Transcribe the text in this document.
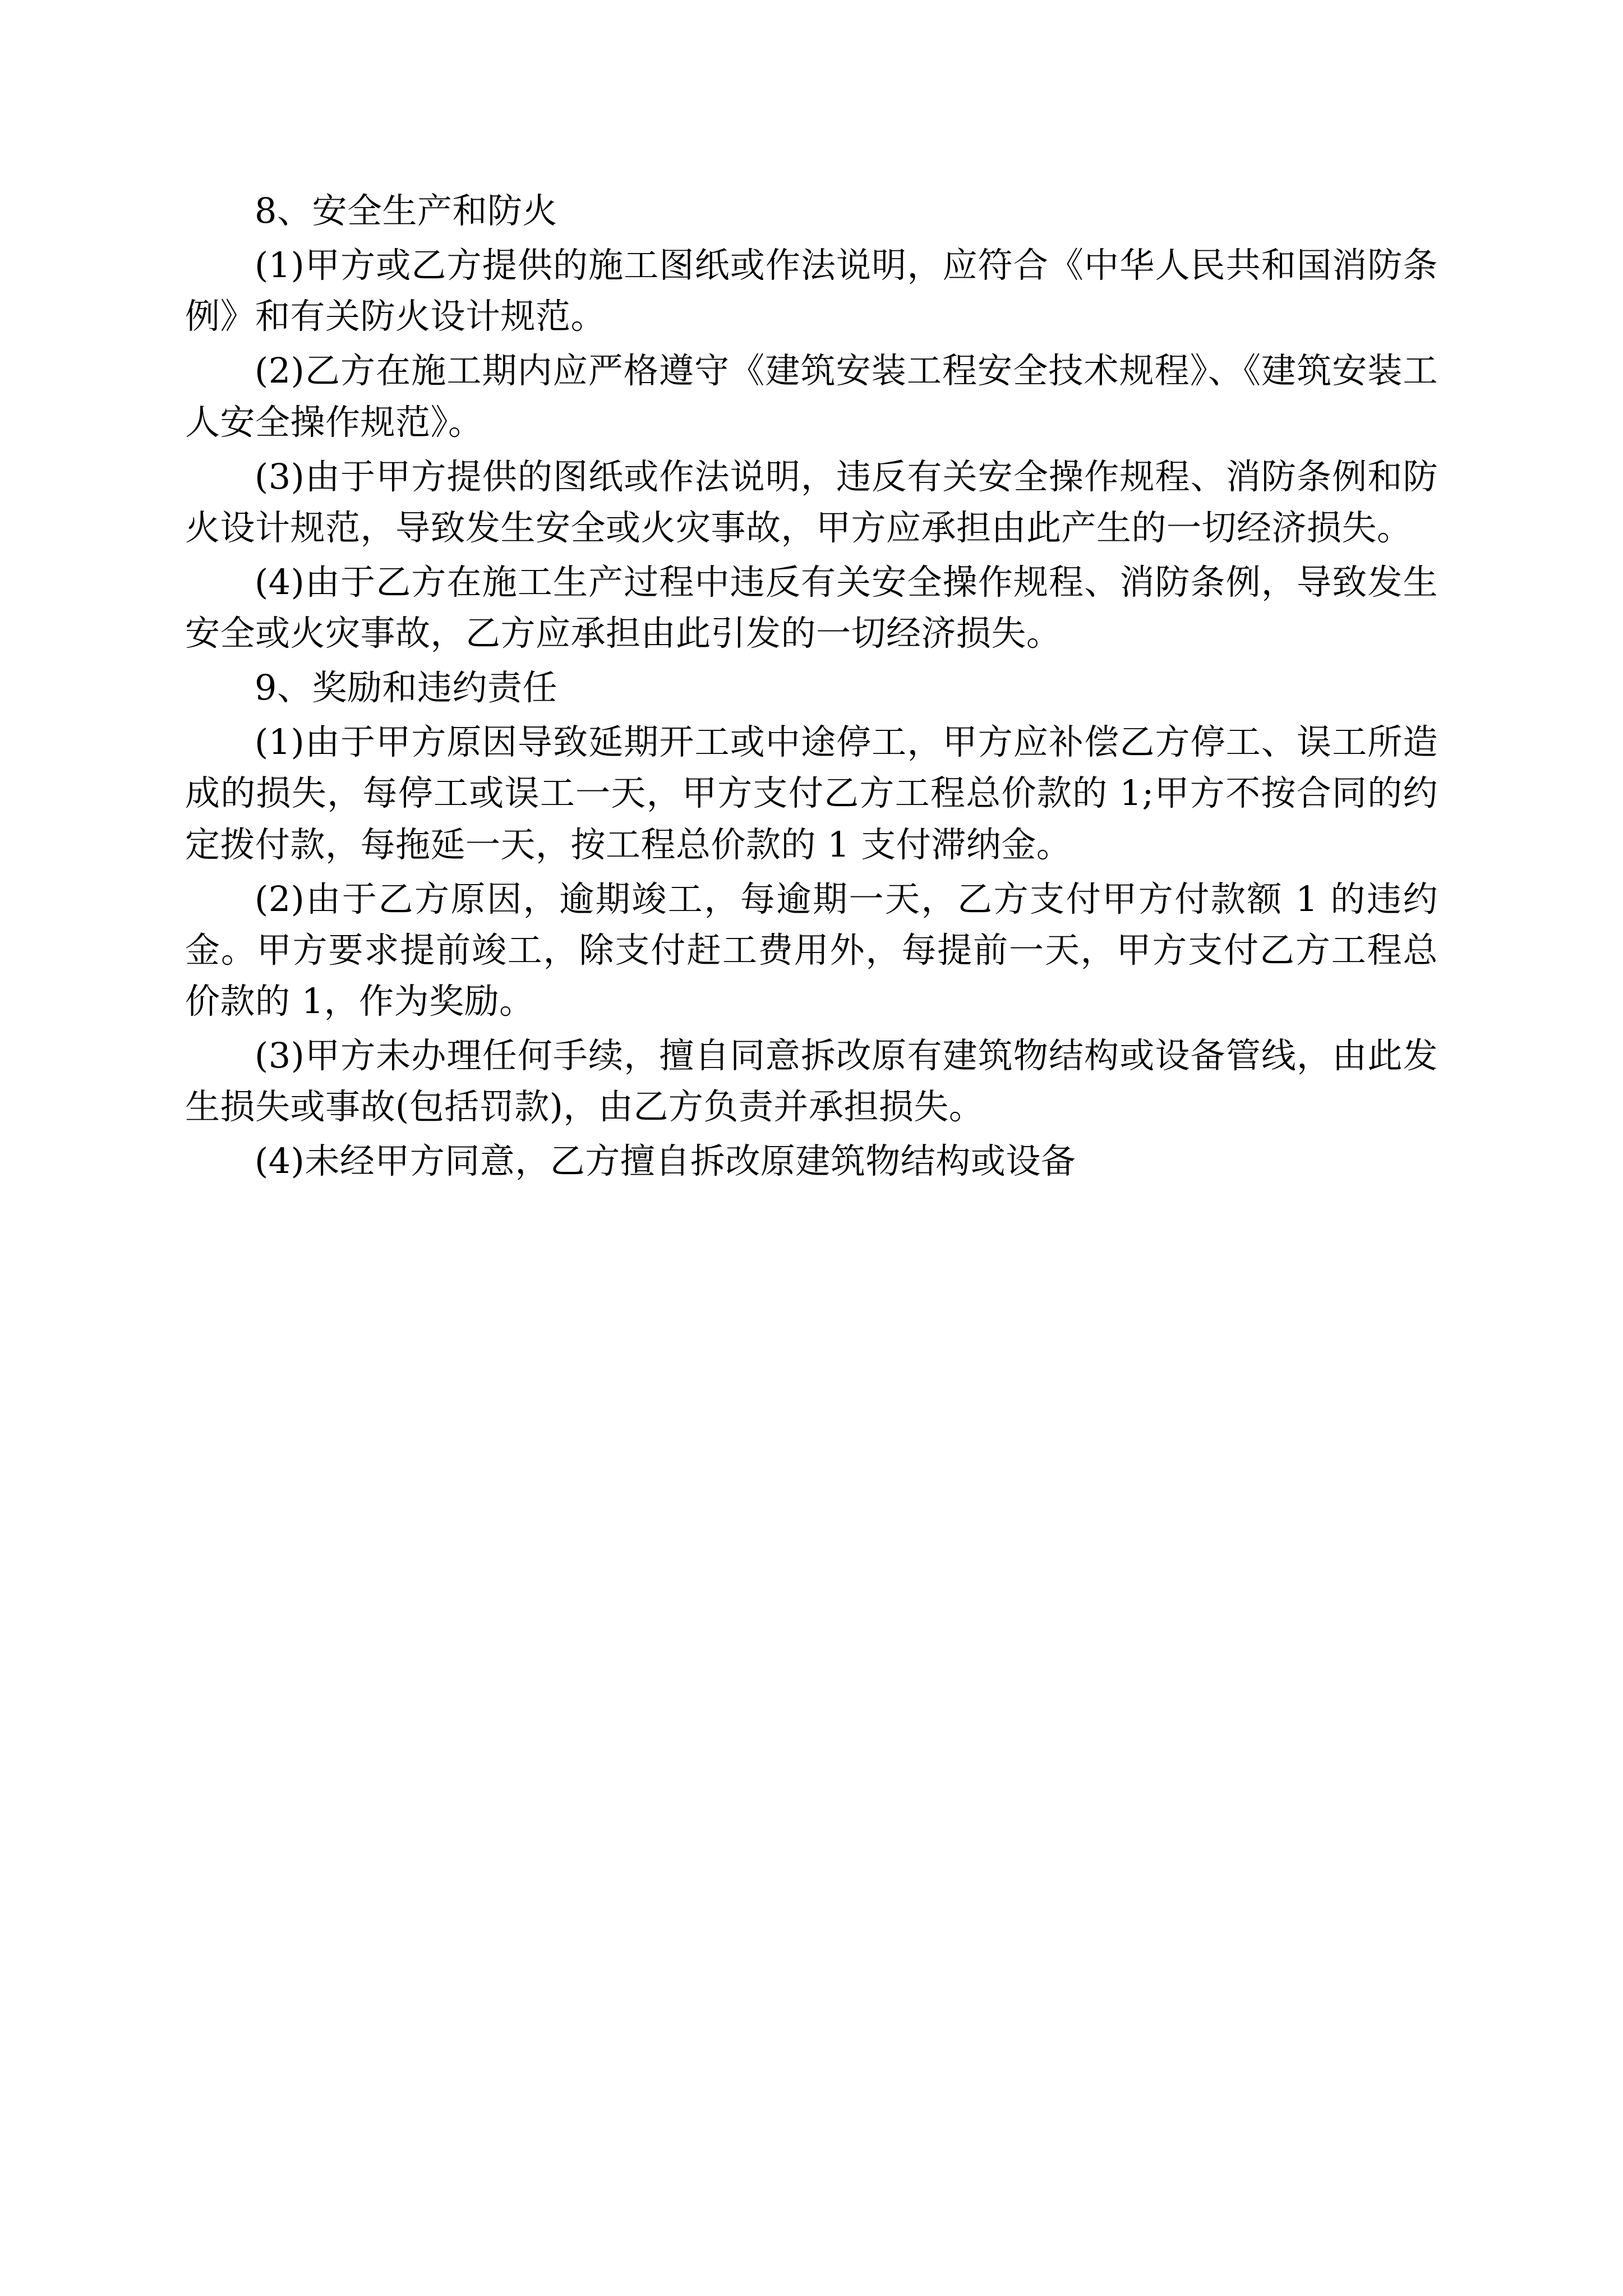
8、安全生产和防火

(1)甲方或乙方提供的施工图纸或作法说明，应符合《中华人民共和国消防条例》和有关防火设计规范。

(2)乙方在施工期内应严格遵守《建筑安装工程安全技术规程》、《建筑安装工人安全操作规范》。

(3)由于甲方提供的图纸或作法说明，违反有关安全操作规程、消防条例和防火设计规范，导致发生安全或火灾事故，甲方应承担由此产生的一切经济损失。

(4)由于乙方在施工生产过程中违反有关安全操作规程、消防条例，导致发生安全或火灾事故，乙方应承担由此引发的一切经济损失。

9、奖励和违约责任

(1)由于甲方原因导致延期开工或中途停工，甲方应补偿乙方停工、误工所造成的损失，每停工或误工一天，甲方支付乙方工程总价款的 1;甲方不按合同的约定拨付款，每拖延一天，按工程总价款的 1 支付滞纳金。

(2)由于乙方原因，逾期竣工，每逾期一天，乙方支付甲方付款额 1 的违约金。甲方要求提前竣工，除支付赶工费用外，每提前一天，甲方支付乙方工程总价款的 1，作为奖励。

(3)甲方未办理任何手续，擅自同意拆改原有建筑物结构或设备管线，由此发生损失或事故(包括罚款)，由乙方负责并承担损失。

(4)未经甲方同意，乙方擅自拆改原建筑物结构或设备
